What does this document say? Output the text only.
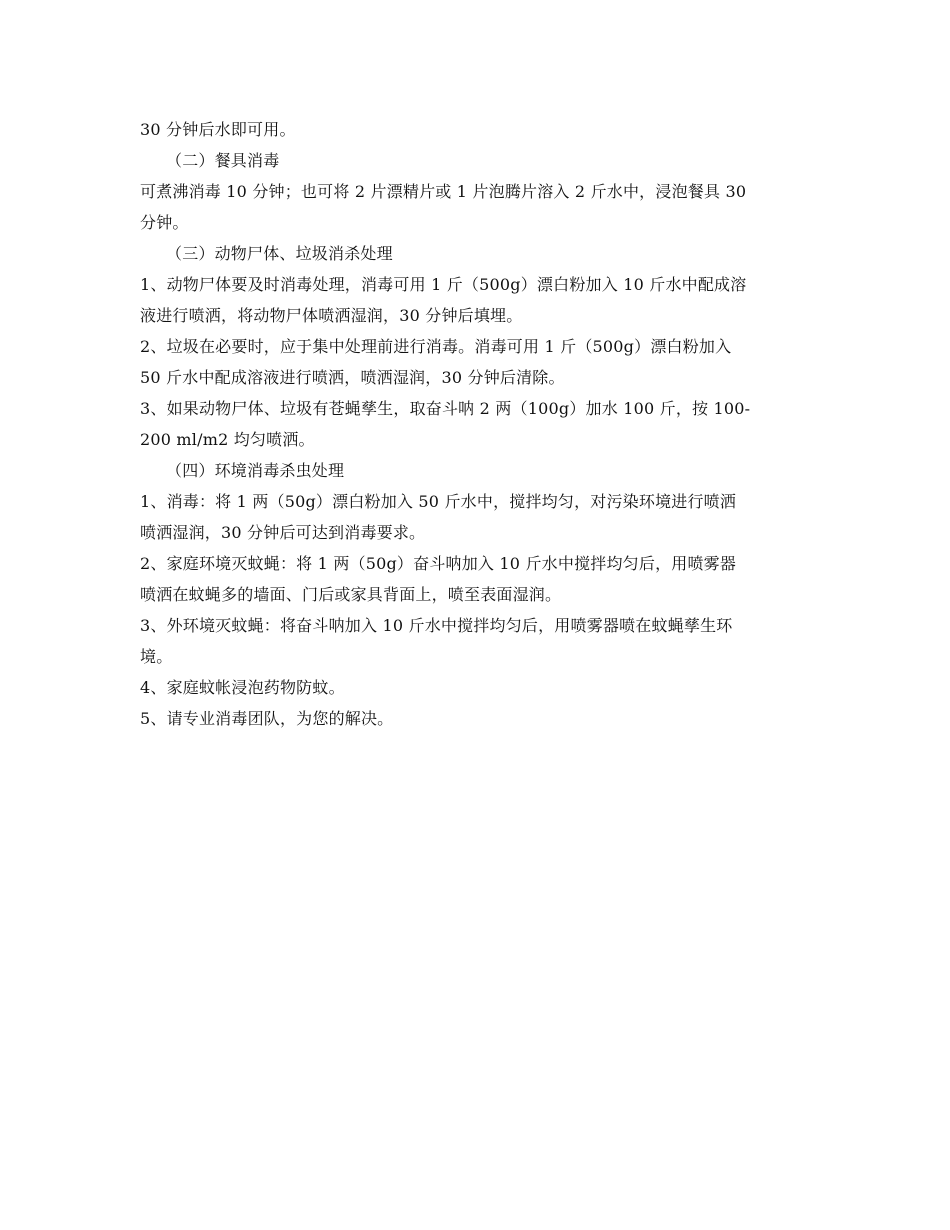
30 分钟后水即可用。

（二）餐具消毒

可煮沸消毒 10 分钟；也可将 2 片漂精片或 1 片泡腾片溶入 2 斤水中，浸泡餐具 30

分钟。

（三）动物尸体、垃圾消杀处理

1、动物尸体要及时消毒处理，消毒可用 1 斤（500g）漂白粉加入 10 斤水中配成溶

液进行喷洒，将动物尸体喷洒湿润，30 分钟后填埋。

2、垃圾在必要时，应于集中处理前进行消毒。消毒可用 1 斤（500g）漂白粉加入

50 斤水中配成溶液进行喷洒，喷洒湿润，30 分钟后清除。

3、如果动物尸体、垃圾有苍蝇孳生，取奋斗呐 2 两（100g）加水 100 斤，按 100-

200 ml/m2 均匀喷洒。

（四）环境消毒杀虫处理

1、消毒：将 1 两（50g）漂白粉加入 50 斤水中，搅拌均匀，对污染环境进行喷洒

喷洒湿润，30 分钟后可达到消毒要求。

2、家庭环境灭蚊蝇：将 1 两（50g）奋斗呐加入 10 斤水中搅拌均匀后，用喷雾器

喷洒在蚊蝇多的墙面、门后或家具背面上，喷至表面湿润。

3、外环境灭蚊蝇：将奋斗呐加入 10 斤水中搅拌均匀后，用喷雾器喷在蚊蝇孳生环

境。

4、家庭蚊帐浸泡药物防蚊。

5、请专业消毒团队，为您的解决。
